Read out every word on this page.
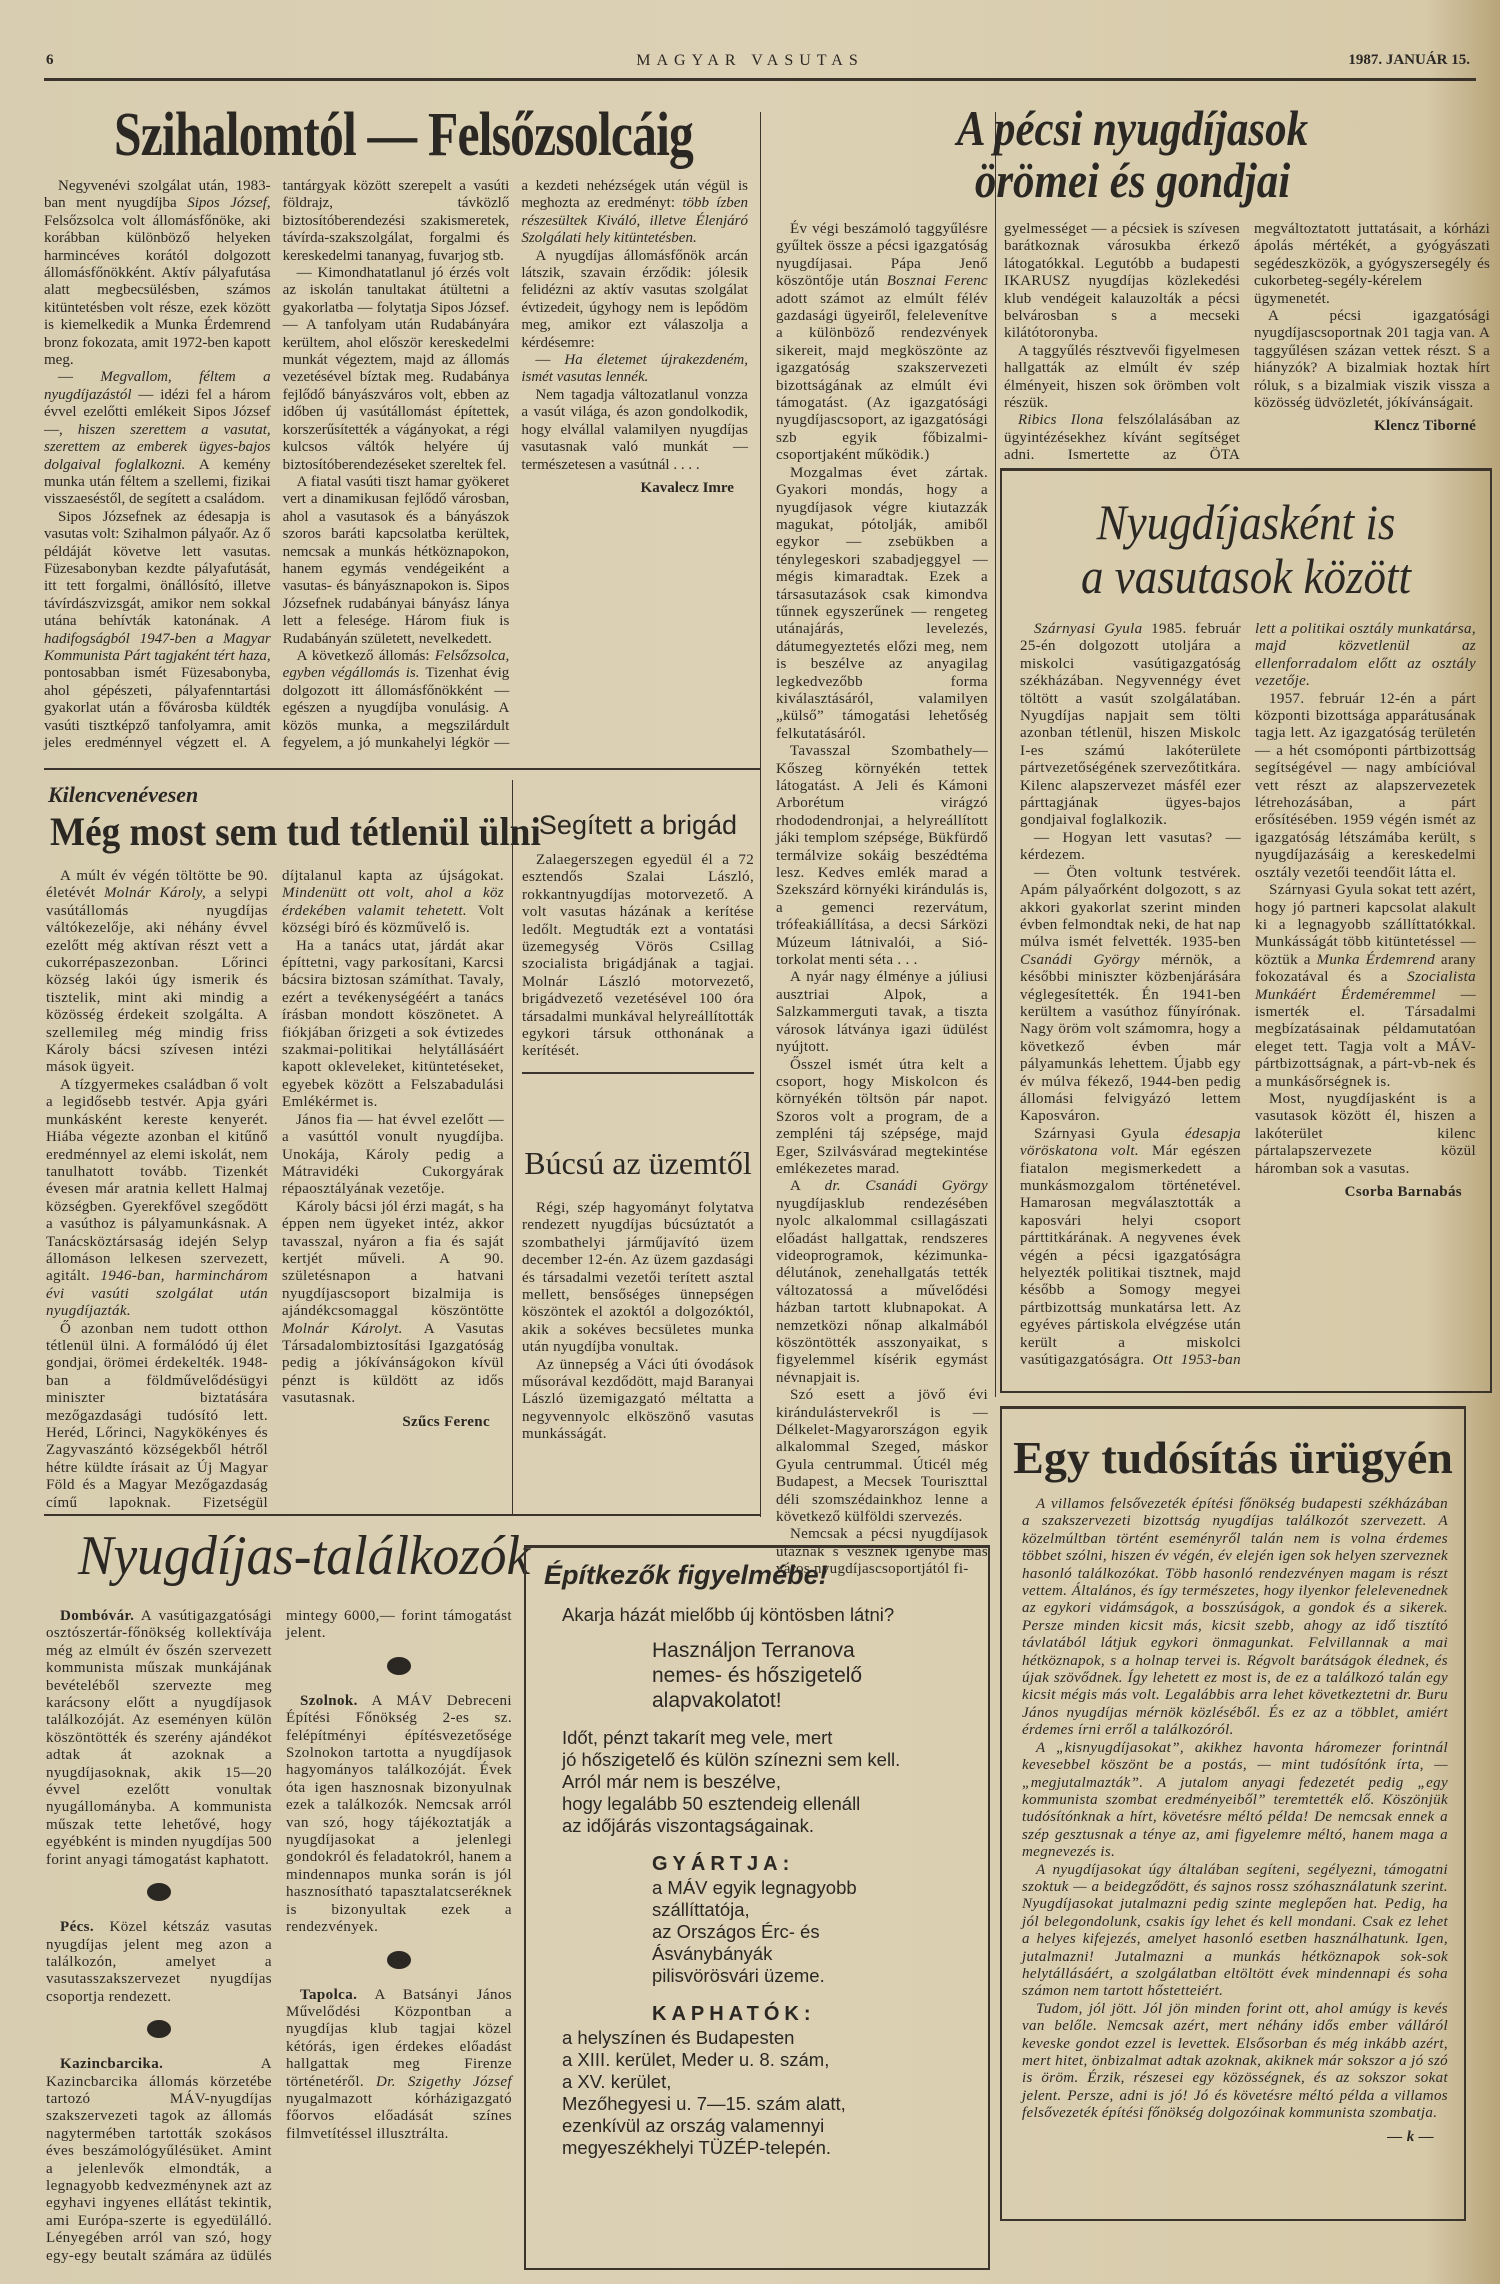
6	MAGYAR VASUTAS	1987. JANUÁR 15.
Szihalomtól — Felsőzsolcáig

Negyvenévi szolgálat után, 1983-ban ment nyugdíjba Sipos József, Felsőzsolca volt állomásfőnöke, aki korábban különböző helyeken harmincéves korától dolgozott állomásfőnökként. Aktív pályafutása alatt megbecsülésben, számos kitüntetésben volt része, ezek között is kiemelkedik a Munka Érdemrend bronz fokozata, amit 1972-ben kapott meg.

— Megvallom, féltem a nyugdíjazástól — idézi fel a három évvel ezelőtti emlékeit Sipos József —, hiszen szerettem a vasutat, szerettem az emberek ügyes-bajos dolgaival foglalkozni. A kemény munka után féltem a szellemi, fizikai visszaeséstől, de segített a családom.

Sipos Józsefnek az édesapja is vasutas volt: Szihalmon pályaőr. Az ő példáját követve lett vasutas. Füzesabonyban kezdte pályafutását, itt tett forgalmi, önállósító, illetve távírdászvizsgát, amikor nem sokkal utána behívták katonának. A hadifogságból 1947-ben a Magyar Kommunista Párt tagjaként tért haza, pontosabban ismét Füzesabonyba, ahol gépészeti, pályafenntartási gyakorlat után a fővárosba küldték vasúti tisztképző tanfolyamra, amit jeles eredménnyel végzett el. A tantárgyak között szerepelt a vasúti földrajz, távközlő biztosítóberendezési szakismeretek, távírda-szakszolgálat, forgalmi és kereskedelmi tananyag, fuvarjog stb.

— Kimondhatatlanul jó érzés volt az iskolán tanultakat átültetni a gyakorlatba — folytatja Sipos József. — A tanfolyam után Rudabányára kerültem, ahol először kereskedelmi munkát végeztem, majd az állomás vezetésével bíztak meg. Rudabánya fejlődő bányászváros volt, ebben az időben új vasútállomást építettek, korszerűsítették a vágányokat, a régi kulcsos váltók helyére új biztosítóberendezéseket szereltek fel.

A fiatal vasúti tiszt hamar gyökeret vert a dinamikusan fejlődő városban, ahol a vasutasok és a bányászok szoros baráti kapcsolatba kerültek, nemcsak a munkás hétköznapokon, hanem egymás vendégeiként a vasutas- és bányásznapokon is. Sipos Józsefnek rudabányai bányász lánya lett a felesége. Három fiuk is Rudabányán született, nevelkedett.

A következő állomás: Felsőzsolca, egyben végállomás is. Tizenhat évig dolgozott itt állomásfőnökként — egészen a nyugdíjba vonulásig. A közös munka, a megszilárdult fegyelem, a jó munkahelyi légkör — a kezdeti nehézségek után végül is meghozta az eredményt: több ízben részesültek Kiváló, illetve Élenjáró Szolgálati hely kitüntetésben.

A nyugdíjas állomásfőnök arcán látszik, szavain érződik: jólesik felidézni az aktív vasutas szolgálat évtizedeit, úgyhogy nem is lepődöm meg, amikor ezt válaszolja a kérdésemre:

— Ha életemet újrakezdeném, ismét vasutas lennék.

Nem tagadja változatlanul vonzza a vasút világa, és azon gondolkodik, hogy elvállal valamilyen nyugdíjas vasutasnak való munkát — természetesen a vasútnál . . . .

Kavalecz Imre

A pécsi nyugdíjasok
örömei és gondjai

Év végi beszámoló taggyűlésre gyűltek össze a pécsi igazgatóság nyugdíjasai. Pápa Jenő köszöntője után Bosznai Ferenc adott számot az elmúlt félév gazdasági ügyeiről, felelevenítve a különböző rendezvények sikereit, majd megköszönte az igazgatóság szakszervezeti bizottságának az elmúlt évi támogatást. (Az igazgatósági nyugdíjascsoport, az igazgatósági szb egyik főbizalmi-csoportjaként működik.)

Mozgalmas évet zártak. Gyakori mondás, hogy a nyugdíjasok végre kiutazzák magukat, pótolják, amiből egykor — zsebükben a ténylegeskori szabadjeggyel — mégis kimaradtak. Ezek a társasutazások csak kimondva tűnnek egyszerűnek — rengeteg utánajárás, levelezés, dátumegyeztetés előzi meg, nem is beszélve az anyagilag legkedvezőbb forma kiválasztásáról, valamilyen „külső” támogatási lehetőség felkutatásáról.

Tavasszal Szombathely—Kőszeg környékén tettek látogatást. A Jeli és Kámoni Arborétum virágzó rhododendronjai, a helyreállított jáki templom szépsége, Bükfürdő termálvize sokáig beszédtéma lesz. Kedves emlék marad a Szekszárd környéki kirándulás is, a gemenci rezervátum, trófeakiállítása, a decsi Sárközi Múzeum látnivalói, a Sió-torkolat menti séta . . .

A nyár nagy élménye a júliusi ausztriai Alpok, a Salzkammerguti tavak, a tiszta városok látványa igazi üdülést nyújtott.

Ősszel ismét útra kelt a csoport, hogy Miskolcon és környékén töltsön pár napot. Szoros volt a program, de a zempléni táj szépsége, majd Eger, Szilvásvárad megtekintése emlékezetes marad.

A dr. Csanádi György nyugdíjasklub rendezésében nyolc alkalommal csillagászati előadást hallgattak, rendszeres videoprogramok, kézimunka-délutánok, zenehallgatás tették változatossá a művelődési házban tartott klubnapokat. A nemzetközi nőnap alkalmából köszöntötték asszonyaikat, s figyelemmel kísérik egymást névnapjait is.

Szó esett a jövő évi kirándulástervekről is — Délkelet-Magyarországon egyik alkalommal Szeged, máskor Gyula centrummal. Úticél még Budapest, a Mecsek Touriszttal déli szomszédainkhoz lenne a következő külföldi szervezés.

Nemcsak a pécsi nyugdíjasok utaznak s vesznek igénybe más város nyugdíjascsoportjától fi-

gyelmességet — a pécsiek is szívesen barátkoznak városukba érkező látogatókkal. Legutóbb a budapesti IKARUSZ nyugdíjas közlekedési klub vendégeit kalauzolták a pécsi belvárosban s a mecseki kilátótoronyba.

A taggyűlés résztvevői figyelmesen hallgatták az elmúlt év szép élményeit, hiszen sok örömben volt részük.

Ribics Ilona felszólalásában az ügyintézésekhez kívánt segítséget adni. Ismertette az ÖTA megváltoztatott juttatásait, a kórházi ápolás mértékét, a gyógyászati segédeszközök, a gyógyszersegély és cukorbeteg-segély-kérelem ügymenetét.

A pécsi igazgatósági nyugdíjascsoportnak 201 tagja van. A taggyűlésen százan vettek részt. S a hiányzók? A bizalmiak hoztak hírt róluk, s a bizalmiak viszik vissza a közösség üdvözletét, jókívánságait.

Klencz Tiborné

Nyugdíjasként is
a vasutasok között

Szárnyasi Gyula 1985. február 25-én dolgozott utoljára a miskolci vasútigazgatóság székházában. Negyvennégy évet töltött a vasút szolgálatában. Nyugdíjas napjait sem tölti azonban tétlenül, hiszen Miskolc I-es számú lakóterülete pártvezetőségének szervezőtitkára. Kilenc alapszervezet másfél ezer párttagjának ügyes-bajos gondjaival foglalkozik.

— Hogyan lett vasutas? — kérdezem.

— Öten voltunk testvérek. Apám pályaőrként dolgozott, s az akkori gyakorlat szerint minden évben felmondtak neki, de hat nap múlva ismét felvették. 1935-ben Csanádi György mérnök, a későbbi miniszter közbenjárására véglegesítették. Én 1941-ben kerültem a vasúthoz fűnyírónak. Nagy öröm volt számomra, hogy a következő évben már pályamunkás lehettem. Újabb egy év múlva fékező, 1944-ben pedig állomási felvigyázó lettem Kaposváron.

Szárnyasi Gyula édesapja vöröskatona volt. Már egészen fiatalon megismerkedett a munkásmozgalom történetével. Hamarosan megválasztották a kaposvári helyi csoport párttitkárának. A negyvenes évek végén a pécsi igazgatóságra helyezték politikai tisztnek, majd később a Somogy megyei pártbizottság munkatársa lett. Az egyéves pártiskola elvégzése után került a miskolci vasútigazgatóságra. Ott 1953-ban lett a politikai osztály munkatársa, majd közvetlenül az ellenforradalom előtt az osztály vezetője.

1957. február 12-én a párt központi bizottsága apparátusának tagja lett. Az igazgatóság területén — a hét csomóponti pártbizottság segítségével — nagy ambícióval vett részt az alapszervezetek létrehozásában, a párt erősítésében. 1959 végén ismét az igazgatóság létszámába került, s nyugdíjazásáig a kereskedelmi osztály vezetői teendőit látta el.

Szárnyasi Gyula sokat tett azért, hogy jó partneri kapcsolat alakult ki a legnagyobb szállíttatókkal. Munkásságát több kitüntetéssel — köztük a Munka Érdemrend arany fokozatával és a Szocialista Munkáért Érdeméremmel — ismerték el. Társadalmi megbízatásainak példamutatóan eleget tett. Tagja volt a MÁV-pártbizottságnak, a párt-vb-nek és a munkásőrségnek is.

Most, nyugdíjasként is a vasutasok között él, hiszen a lakóterület kilenc pártalapszervezete közül háromban sok a vasutas.

Csorba Barnabás

Kilencvenévesen
Még most sem tud tétlenül ülni

A múlt év végén töltötte be 90. életévét Molnár Károly, a selypi vasútállomás nyugdíjas váltókezelője, aki néhány évvel ezelőtt még aktívan részt vett a cukorrépaszezonban. Lőrinci község lakói úgy ismerik és tisztelik, mint aki mindig a közösség érdekeit szolgálta. A szellemileg még mindig friss Károly bácsi szívesen intézi mások ügyeit.

A tízgyermekes családban ő volt a legidősebb testvér. Apja gyári munkásként kereste kenyerét. Hiába végezte azonban el kitűnő eredménnyel az elemi iskolát, nem tanulhatott tovább. Tizenkét évesen már aratnia kellett Halmaj községben. Gyerekfővel szegődött a vasúthoz is pályamunkásnak. A Tanácsköztársaság idején Selyp állomáson lelkesen szervezett, agitált. 1946-ban, harminchárom évi vasúti szolgálat után nyugdíjazták.

Ő azonban nem tudott otthon tétlenül ülni. A formálódó új élet gondjai, örömei érdekelték. 1948-ban a földművelődésügyi miniszter biztatására mezőgazdasági tudósító lett. Heréd, Lőrinci, Nagykökényes és Zagyvaszántó községekből hétről hétre küldte írásait az Új Magyar Föld és a Magyar Mezőgazdaság című lapoknak. Fizetségül díjtalanul kapta az újságokat. Mindenütt ott volt, ahol a köz érdekében valamit tehetett. Volt községi bíró és közművelő is.

Ha a tanács utat, járdát akar építtetni, vagy parkosítani, Karcsi bácsira biztosan számíthat. Tavaly, ezért a tevékenységéért a tanács írásban mondott köszönetet. A fiókjában őrizgeti a sok évtizedes szakmai-politikai helytállásáért kapott okleveleket, kitüntetéseket, egyebek között a Felszabadulási Emlékérmet is.

János fia — hat évvel ezelőtt — a vasúttól vonult nyugdíjba. Unokája, Károly pedig a Mátravidéki Cukorgyárak répaosztályának vezetője.

Károly bácsi jól érzi magát, s ha éppen nem ügyeket intéz, akkor tavasszal, nyáron a fia és saját kertjét műveli. A 90. születésnapon a hatvani nyugdíjascsoport bizalmija is ajándékcsomaggal köszöntötte Molnár Károlyt. A Vasutas Társadalombiztosítási Igazgatóság pedig a jókívánságokon kívül pénzt is küldött az idős vasutasnak.

Szűcs Ferenc

Segített a brigád

Zalaegerszegen egyedül él a 72 esztendős Szalai László, rokkantnyugdíjas motorvezető. A volt vasutas házának a kerítése ledőlt. Megtudták ezt a vontatási üzemegység Vörös Csillag szocialista brigádjának a tagjai. Molnár László motorvezető, brigádvezető vezetésével 100 óra társadalmi munkával helyreállították egykori társuk otthonának a kerítését.

Búcsú az üzemtől

Régi, szép hagyományt folytatva rendezett nyugdíjas búcsúztatót a szombathelyi járműjavító üzem december 12-én. Az üzem gazdasági és társadalmi vezetői terített asztal mellett, bensőséges ünnepségen köszöntek el azoktól a dolgozóktól, akik a sokéves becsületes munka után nyugdíjba vonultak.

Az ünnepség a Váci úti óvodások műsorával kezdődött, majd Baranyai László üzemigazgató méltatta a negyvennyolc elköszönő vasutas munkásságát.

Nyugdíjas-találkozók

Dombóvár. A vasútigazgatósági osztószertár-főnökség kollektívája még az elmúlt év őszén szervezett kommunista műszak munkájának bevételéből szervezte meg karácsony előtt a nyugdíjasok találkozóját. Az eseményen külön köszöntötték és szerény ajándékot adtak át azoknak a nyugdíjasoknak, akik 15—20 évvel ezelőtt vonultak nyugállományba. A kommunista műszak tette lehetővé, hogy egyébként is minden nyugdíjas 500 forint anyagi támogatást kaphatott.

Pécs. Közel kétszáz vasutas nyugdíjas jelent meg azon a találkozón, amelyet a vasutasszakszervezet nyugdíjas csoportja rendezett.

Kazincbarcika. A Kazincbarcika állomás körzetébe tartozó MÁV-nyugdíjas szakszervezeti tagok az állomás nagytermében tartották szokásos éves beszámológyűlésüket. Amint a jelenlevők elmondták, a legnagyobb kedvezménynek azt az egyhavi ingyenes ellátást tekintik, ami Európa-szerte is egyedülálló. Lényegében arról van szó, hogy egy-egy beutalt számára az üdülés mintegy 6000,— forint támogatást jelent.

Szolnok. A MÁV Debreceni Építési Főnökség 2-es sz. felépítményi építésvezetősége Szolnokon tartotta a nyugdíjasok hagyományos találkozóját. Évek óta igen hasznosnak bizonyulnak ezek a találkozók. Nemcsak arról van szó, hogy tájékoztatják a nyugdíjasokat a jelenlegi gondokról és feladatokról, hanem a mindennapos munka során is jól hasznosítható tapasztalatcseréknek is bizonyultak ezek a rendezvények.

Tapolca. A Batsányi János Művelődési Központban a nyugdíjas klub tagjai közel kétórás, igen érdekes előadást hallgattak meg Firenze történetéről. Dr. Szigethy József nyugalmazott kórházigazgató főorvos előadását színes filmvetítéssel illusztrálta.

Építkezők figyelmébe!
Akarja házát mielőbb új köntösben látni?
Használjon Terranova
nemes- és hőszigetelő
alapvakolatot!
Időt, pénzt takarít meg vele, mert
jó hőszigetelő és külön színezni sem kell.
Arról már nem is beszélve,
hogy legalább 50 esztendeig ellenáll
az időjárás viszontagságainak.
GYÁRTJA:
a MÁV egyik legnagyobb
szállíttatója,
az Országos Érc- és
Ásványbányák
pilisvörösvári üzeme.
KAPHATÓK:
a helyszínen és Budapesten
a XIII. kerület, Meder u. 8. szám,
a XV. kerület,
Mezőhegyesi u. 7—15. szám alatt,
ezenkívül az ország valamennyi
megyeszékhelyi TÜZÉP-telepén.
Egy tudósítás ürügyén

A villamos felsővezeték építési főnökség budapesti székházában a szakszervezeti bizottság nyugdíjas találkozót szervezett. A közelmúltban történt eseményről talán nem is volna érdemes többet szólni, hiszen év végén, év elején igen sok helyen szerveznek hasonló találkozókat. Több hasonló rendezvényen magam is részt vettem. Általános, és így természetes, hogy ilyenkor felelevenednek az egykori vidámságok, a bosszúságok, a gondok és a sikerek. Persze minden kicsit más, kicsit szebb, ahogy az idő tisztító távlatából látjuk egykori önmagunkat. Felvillannak a mai hétköznapok, s a holnap tervei is. Régvolt barátságok élednek, és újak szövődnek. Így lehetett ez most is, de ez a találkozó talán egy kicsit mégis más volt. Legalábbis arra lehet következtetni dr. Buru János nyugdíjas mérnök közléséből. És ez az a többlet, amiért érdemes írni erről a találkozóról.

A „kisnyugdíjasokat”, akikhez havonta háromezer forintnál kevesebbel köszönt be a postás, — mint tudósítónk írta, — „megjutalmazták”. A jutalom anyagi fedezetét pedig „egy kommunista szombat eredményeiből” teremtették elő. Köszönjük tudósítónknak a hírt, követésre méltó példa! De nemcsak ennek a szép gesztusnak a ténye az, ami figyelemre méltó, hanem maga a megnevezés is.

A nyugdíjasokat úgy általában segíteni, segélyezni, támogatni szoktuk — a beidegződött, és sajnos rossz szóhasználatunk szerint. Nyugdíjasokat jutalmazni pedig szinte meglepően hat. Pedig, ha jól belegondolunk, csakis így lehet és kell mondani. Csak ez lehet a helyes kifejezés, amelyet hasonló esetben használhatunk. Igen, jutalmazni! Jutalmazni a munkás hétköznapok sok-sok helytállásáért, a szolgálatban eltöltött évek mindennapi és soha számon nem tartott hőstetteiért.

Tudom, jól jött. Jól jön minden forint ott, ahol amúgy is kevés van belőle. Nemcsak azért, mert néhány idős ember válláról keveske gondot ezzel is levettek. Elsősorban és még inkább azért, mert hitet, önbizalmat adtak azoknak, akiknek már sokszor a jó szó is öröm. Érzik, részesei egy közösségnek, és az sokszor sokat jelent. Persze, adni is jó! Jó és követésre méltó példa a villamos felsővezeték építési főnökség dolgozóinak kommunista szombatja.

— k —
